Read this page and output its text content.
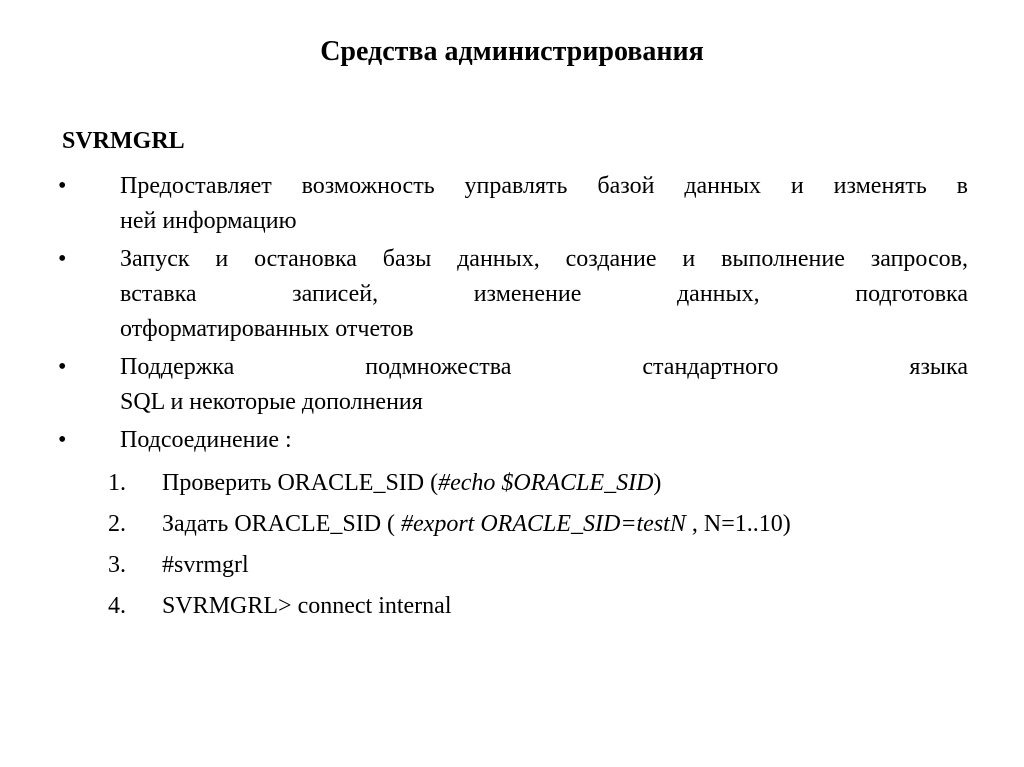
Средства администрирования
SVRMGRL
•	Предоставляет возможность управлять базой данных и изменять в
ней информацию
•	Запуск и остановка базы данных, создание и выполнение запросов,
вставка записей, изменение данных, подготовка
отформатированных отчетов
•	Поддержка подмножества стандартного языка
SQL и некоторые дополнения
•	Подсоединение :
1. Проверить ORACLE_SID (#echo $ORACLE_SID)
2. Задать ORACLE_SID ( #export ORACLE_SID=testN , N=1..10)
3. #svrmgrl
4. SVRMGRL> connect internal
